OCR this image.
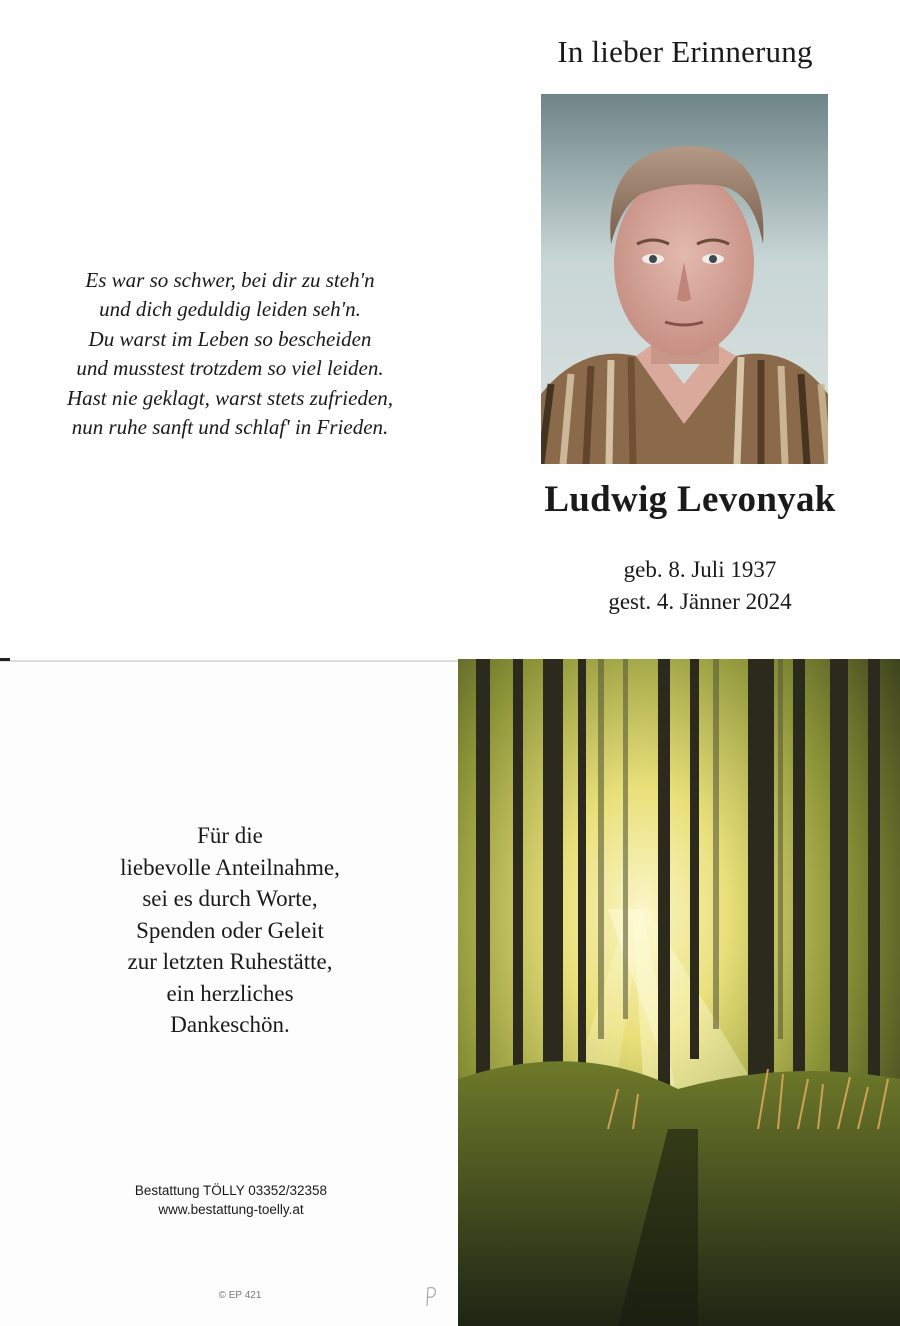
In lieber Erinnerung
Es war so schwer, bei dir zu steh'n
und dich geduldig leiden seh'n.
Du warst im Leben so bescheiden
und musstest trotzdem so viel leiden.
Hast nie geklagt, warst stets zufrieden,
nun ruhe sanft und schlaf' in Frieden.
Ludwig Levonyak
geb. 8. Juli 1937
gest. 4. Jänner 2024
Für die
liebevolle Anteilnahme,
sei es durch Worte,
Spenden oder Geleit
zur letzten Ruhestätte,
ein herzliches
Dankeschön.
Bestattung TÖLLY 03352/32358
www.bestattung-toelly.at
© EP 421
